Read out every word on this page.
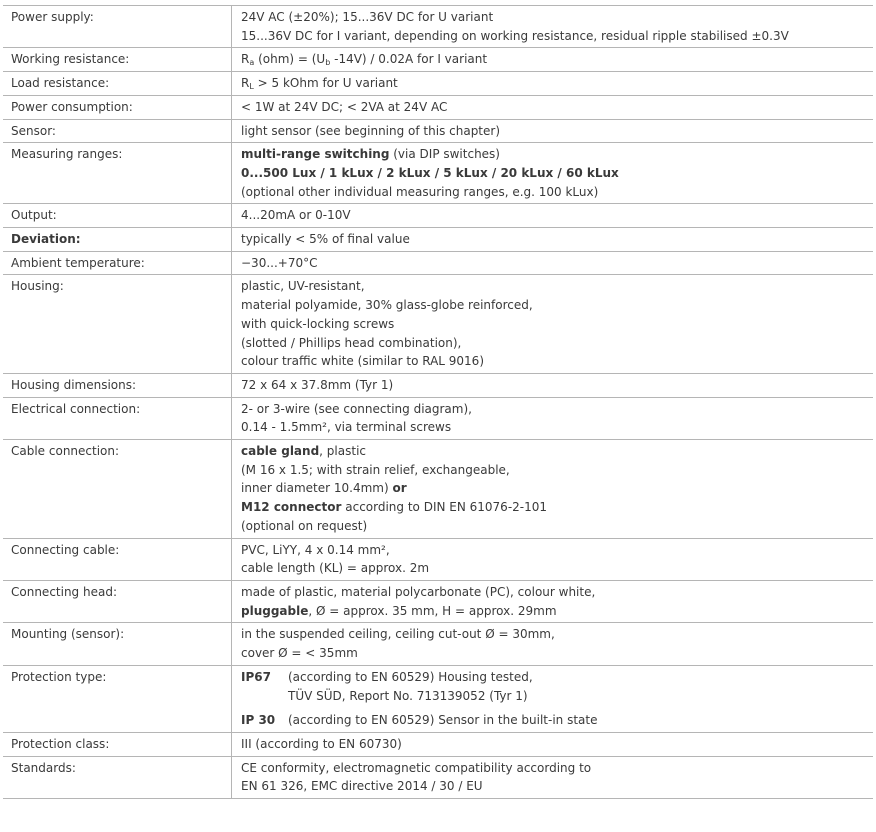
Power supply:	24V AC (±20%); 15...36V DC for U variant
15...36V DC for I variant, depending on working resistance, residual ripple stabilised ±0.3V
Working resistance:	$R_a$ $(ohm) = (U_b$ -14V) / 0.02A for I variant
Load resistance:	$R_L > 5$ kOhm for U variant
Power consumption:	< 1W at 24V DC; < 2VA at 24V AC
Sensor:	light sensor (see beginning of this chapter)
Measuring ranges:	multi-range switching (via DIP switches)
0...500 Lux / 1 kLux / 2 kLux / 5 kLux / 20 kLux / 60 kLux
(optional other individual measuring ranges, e.g. 100 kLux)
Output:	4...20mA or 0-10V
Deviation:	typically < 5% of final value
Ambient temperature:	−30...+70°C
Housing:	plastic, UV-resistant,
material polyamide, 30% glass-globe reinforced,
with quick-locking screws
(slotted / Phillips head combination),
colour traffic white (similar to RAL 9016)
Housing dimensions:	72 x 64 x 37.8mm (Tyr 1)
Electrical connection:	2- or 3-wire (see connecting diagram),
0.14 - 1.5mm², via terminal screws
Cable connection:	cable gland, plastic
(M 16 x 1.5; with strain relief, exchangeable,
inner diameter 10.4mm) or
M12 connector according to DIN EN 61076-2-101
(optional on request)
Connecting cable:	PVC, LiYY, 4 x 0.14 mm²,
cable length (KL) = approx. 2m
Connecting head:	made of plastic, material polycarbonate (PC), colour white,
pluggable, Ø = approx. 35 mm, H = approx. 29mm
Mounting (sensor):	in the suspended ceiling, ceiling cut-out Ø = 30mm,
cover Ø = < 35mm
Protection type:	IP67	(according to EN 60529) Housing tested,
TÜV SÜD, Report No. 713139052 (Tyr 1)
IP 30	(according to EN 60529) Sensor in the built-in state
Protection class:	III (according to EN 60730)
Standards:	CE conformity, electromagnetic compatibility according to
EN 61 326, EMC directive 2014 / 30 / EU
